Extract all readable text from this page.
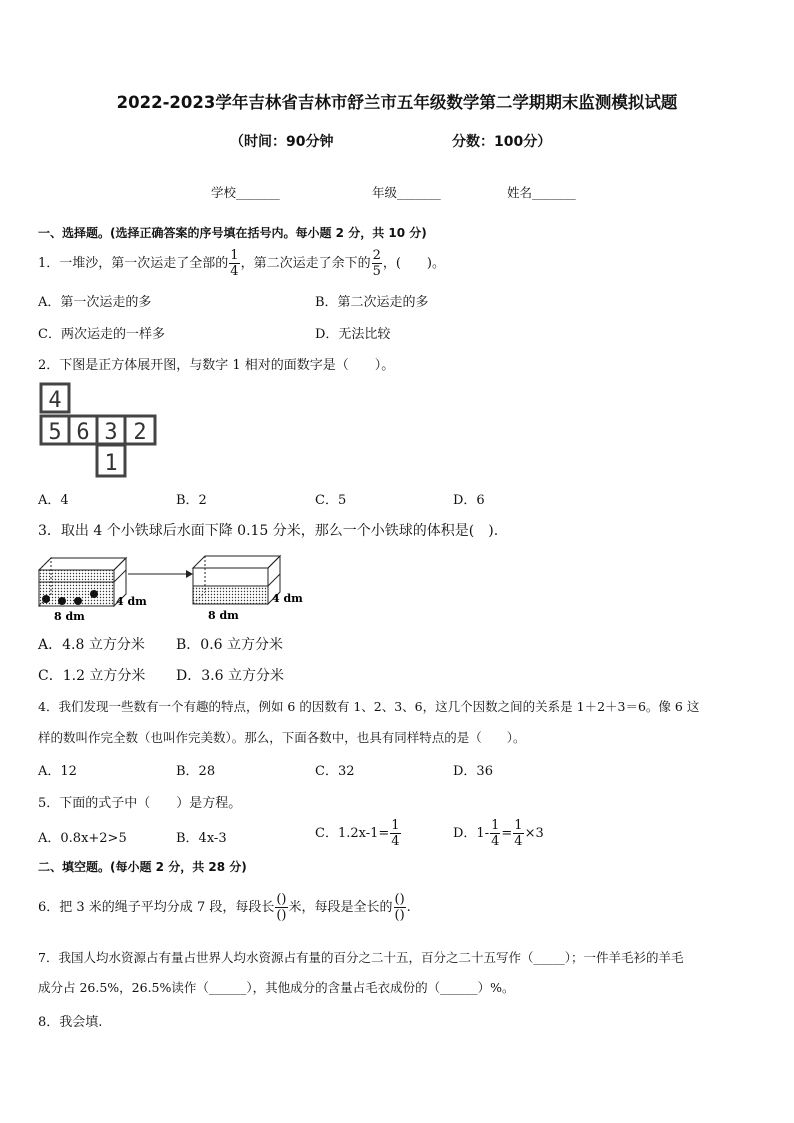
2022-2023学年吉林省吉林市舒兰市五年级数学第二学期期末监测模拟试题
（时间：90分钟	分数：100分）
学校_______	年级_______	姓名_______
一、选择题。(选择正确答案的序号填在括号内。每小题 2 分，共 10 分)
1．一堆沙，第一次运走了全部的 $\frac{1}{4}$ ，第二次运走了余下的 $\frac{2}{5}$ ，(　　)。
A．第一次运走的多	B．第二次运走的多
C．两次运走的一样多	D．无法比较
2．下图是正方体展开图，与数字 1 相对的面数字是（　　）。
4
5 6 3 2
1
A．4	B．2	C．5	D．6
3．取出 4 个小铁球后水面下降 0.15 分米，那么一个小铁球的体积是(　).
4 dm
8 dm
4 dm
8 dm
A．4.8 立方分米 B．0.6 立方分米
C．1.2 立方分米 D．3.6 立方分米
4．我们发现一些数有一个有趣的特点，例如 6 的因数有 1、2、3、6，这几个因数之间的关系是 1＋2＋3＝6。像 6 这
样的数叫作完全数（也叫作完美数）。那么，下面各数中，也具有同样特点的是（　　）。
A．12	B．28	C．32	D．36
5．下面的式子中（　　）是方程。
A．0.8x+2>5	B．4x-3	C．$1.2x-1= \frac{1}{4}$	D．$1- \frac{1}{4} = \frac{1}{4} \times 3$
二、填空题。(每小题 2 分，共 28 分)
6．把 3 米的绳子平均分成 7 段，每段长 $\frac{()}{()}$ 米，每段是全长的 $\frac{()}{()}$ .
7．我国人均水资源占有量占世界人均水资源占有量的百分之二十五，百分之二十五写作（_____）；一件羊毛衫的羊毛
成分占 26.5%，26.5%读作（______），其他成分的含量占毛衣成份的（______）%。
8．我会填.
